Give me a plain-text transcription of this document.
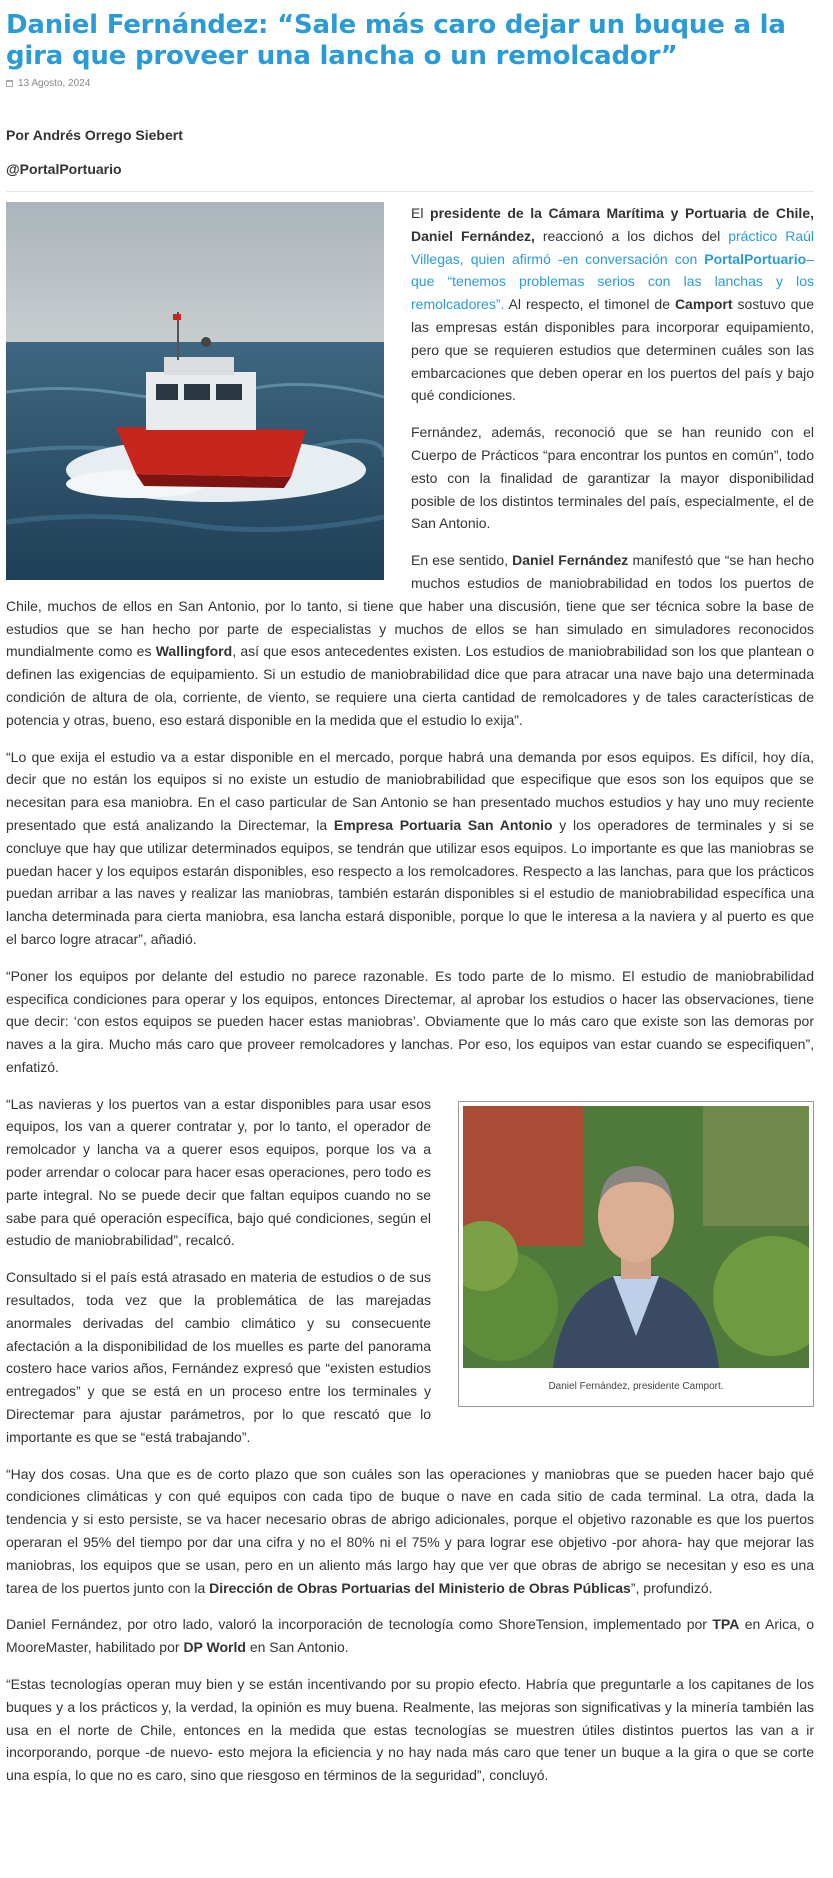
Daniel Fernández: “Sale más caro dejar un buque a la gira que proveer una lancha o un remolcador”
13 Agosto, 2024
Por Andrés Orrego Siebert
@PortalPortuario

El presidente de la Cámara Marítima y Portuaria de Chile, Daniel Fernández, reaccionó a los dichos del práctico Raúl Villegas, quien afirmó -en conversación con PortalPortuario– que “tenemos problemas serios con las lanchas y los remolcadores”. Al respecto, el timonel de Camport sostuvo que las empresas están disponibles para incorporar equipamiento, pero que se requieren estudios que determinen cuáles son las embarcaciones que deben operar en los puertos del país y bajo qué condiciones.

Fernández, además, reconoció que se han reunido con el Cuerpo de Prácticos “para encontrar los puntos en común”, todo esto con la finalidad de garantizar la mayor disponibilidad posible de los distintos terminales del país, especialmente, el de San Antonio.

En ese sentido, Daniel Fernández manifestó que “se han hecho muchos estudios de maniobrabilidad en todos los puertos de Chile, muchos de ellos en San Antonio, por lo tanto, si tiene que haber una discusión, tiene que ser técnica sobre la base de estudios que se han hecho por parte de especialistas y muchos de ellos se han simulado en simuladores reconocidos mundialmente como es Wallingford, así que esos antecedentes existen. Los estudios de maniobrabilidad son los que plantean o definen las exigencias de equipamiento. Si un estudio de maniobrabilidad dice que para atracar una nave bajo una determinada condición de altura de ola, corriente, de viento, se requiere una cierta cantidad de remolcadores y de tales características de potencia y otras, bueno, eso estará disponible en la medida que el estudio lo exija”.

“Lo que exija el estudio va a estar disponible en el mercado, porque habrá una demanda por esos equipos. Es difícil, hoy día, decir que no están los equipos si no existe un estudio de maniobrabilidad que especifique que esos son los equipos que se necesitan para esa maniobra. En el caso particular de San Antonio se han presentado muchos estudios y hay uno muy reciente presentado que está analizando la Directemar, la Empresa Portuaria San Antonio y los operadores de terminales y si se concluye que hay que utilizar determinados equipos, se tendrán que utilizar esos equipos. Lo importante es que las maniobras se puedan hacer y los equipos estarán disponibles, eso respecto a los remolcadores. Respecto a las lanchas, para que los prácticos puedan arribar a las naves y realizar las maniobras, también estarán disponibles si el estudio de maniobrabilidad específica una lancha determinada para cierta maniobra, esa lancha estará disponible, porque lo que le interesa a la naviera y al puerto es que el barco logre atracar”, añadió.

“Poner los equipos por delante del estudio no parece razonable. Es todo parte de lo mismo. El estudio de maniobrabilidad especifica condiciones para operar y los equipos, entonces Directemar, al aprobar los estudios o hacer las observaciones, tiene que decir: ‘con estos equipos se pueden hacer estas maniobras’. Obviamente que lo más caro que existe son las demoras por naves a la gira. Mucho más caro que proveer remolcadores y lanchas. Por eso, los equipos van estar cuando se especifiquen”, enfatizó.

Daniel Fernández, presidente Camport.

“Las navieras y los puertos van a estar disponibles para usar esos equipos, los van a querer contratar y, por lo tanto, el operador de remolcador y lancha va a querer esos equipos, porque los va a poder arrendar o colocar para hacer esas operaciones, pero todo es parte integral. No se puede decir que faltan equipos cuando no se sabe para qué operación específica, bajo qué condiciones, según el estudio de maniobrabilidad”, recalcó.

Consultado si el país está atrasado en materia de estudios o de sus resultados, toda vez que la problemática de las marejadas anormales derivadas del cambio climático y su consecuente afectación a la disponibilidad de los muelles es parte del panorama costero hace varios años, Fernández expresó que “existen estudios entregados” y que se está en un proceso entre los terminales y Directemar para ajustar parámetros, por lo que rescató que lo importante es que se “está trabajando”.

“Hay dos cosas. Una que es de corto plazo que son cuáles son las operaciones y maniobras que se pueden hacer bajo qué condiciones climáticas y con qué equipos con cada tipo de buque o nave en cada sitio de cada terminal. La otra, dada la tendencia y si esto persiste, se va hacer necesario obras de abrigo adicionales, porque el objetivo razonable es que los puertos operaran el 95% del tiempo por dar una cifra y no el 80% ni el 75% y para lograr ese objetivo -por ahora- hay que mejorar las maniobras, los equipos que se usan, pero en un aliento más largo hay que ver que obras de abrigo se necesitan y eso es una tarea de los puertos junto con la Dirección de Obras Portuarias del Ministerio de Obras Públicas”, profundizó.

Daniel Fernández, por otro lado, valoró la incorporación de tecnología como ShoreTension, implementado por TPA en Arica, o MooreMaster, habilitado por DP World en San Antonio.

“Estas tecnologías operan muy bien y se están incentivando por su propio efecto. Habría que preguntarle a los capitanes de los buques y a los prácticos y, la verdad, la opinión es muy buena. Realmente, las mejoras son significativas y la minería también las usa en el norte de Chile, entonces en la medida que estas tecnologías se muestren útiles distintos puertos las van a ir incorporando, porque -de nuevo- esto mejora la eficiencia y no hay nada más caro que tener un buque a la gira o que se corte una espía, lo que no es caro, sino que riesgoso en términos de la seguridad”, concluyó.
